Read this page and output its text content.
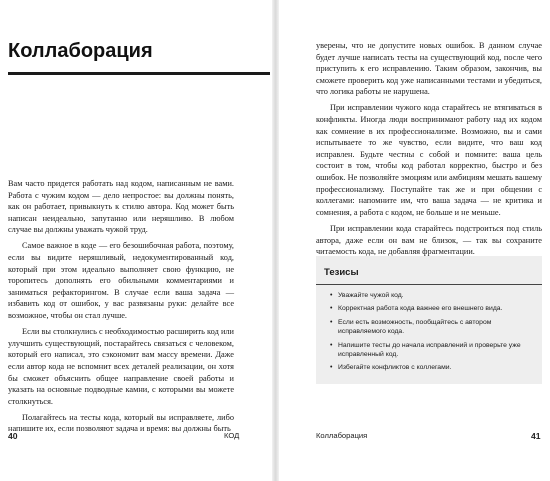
Коллаборация

Вам часто придется работать над кодом, написанным не вами. Работа с чужим кодом — дело непростое: вы должны понять, как он работает, привыкнуть к стилю автора. Код может быть написан неидеально, запутанно или неряшливо. В любом случае вы должны уважать чужой труд.

Самое важное в коде — его безошибочная работа, поэтому, если вы видите неряшливый, недокументированный код, который при этом идеально выполняет свою функцию, не торопитесь дополнять его обильными комментариями и заниматься рефакторингом. В случае если ваша задача — избавить код от ошибок, у вас развязаны руки: делайте все возможное, чтобы он стал лучше.

Если вы столкнулись с необходимостью расширить код или улучшить существующий, постарайтесь связаться с человеком, который его написал, это сэкономит вам массу времени. Даже если автор кода не вспомнит всех деталей реализации, он хотя бы сможет объяснить общее направление своей работы и указать на основные подводные камни, с которыми вы можете столкнуться.

Полагайтесь на тесты кода, который вы исправляете, либо напишите их, если позволяют задача и время: вы должны быть

40	КОД

уверены, что не допустите новых ошибок. В данном случае будет лучше написать тесты на существующий код, после чего приступить к его исправлению. Таким образом, закончив, вы сможете проверить код уже написанными тестами и убедиться, что логика работы не нарушена.

При исправлении чужого кода старайтесь не втягиваться в конфликты. Иногда люди воспринимают работу над их кодом как сомнение в их профессионализме. Возможно, вы и сами испытываете то же чувство, если видите, что ваш код исправлен. Будьте честны с собой и помните: ваша цель состоит в том, чтобы код работал корректно, быстро и без ошибок. Не позволяйте эмоциям или амбициям мешать вашему профессионализму. Поступайте так же и при общении с коллегами: напомните им, что ваша задача — не критика и сомнения, а работа с кодом, не больше и не меньше.

При исправлении кода старайтесь подстроиться под стиль автора, даже если он вам не близок, — так вы сохраните читаемость кода, не добавляя фрагментации.

Тезисы
• Уважайте чужой код.
• Корректная работа кода важнее его внешнего вида.
• Если есть возможность, пообщайтесь с автором исправляемого кода.
• Напишите тесты до начала исправлений и проверьте уже исправленный код.
• Избегайте конфликтов с коллегами.
Коллаборация	41
